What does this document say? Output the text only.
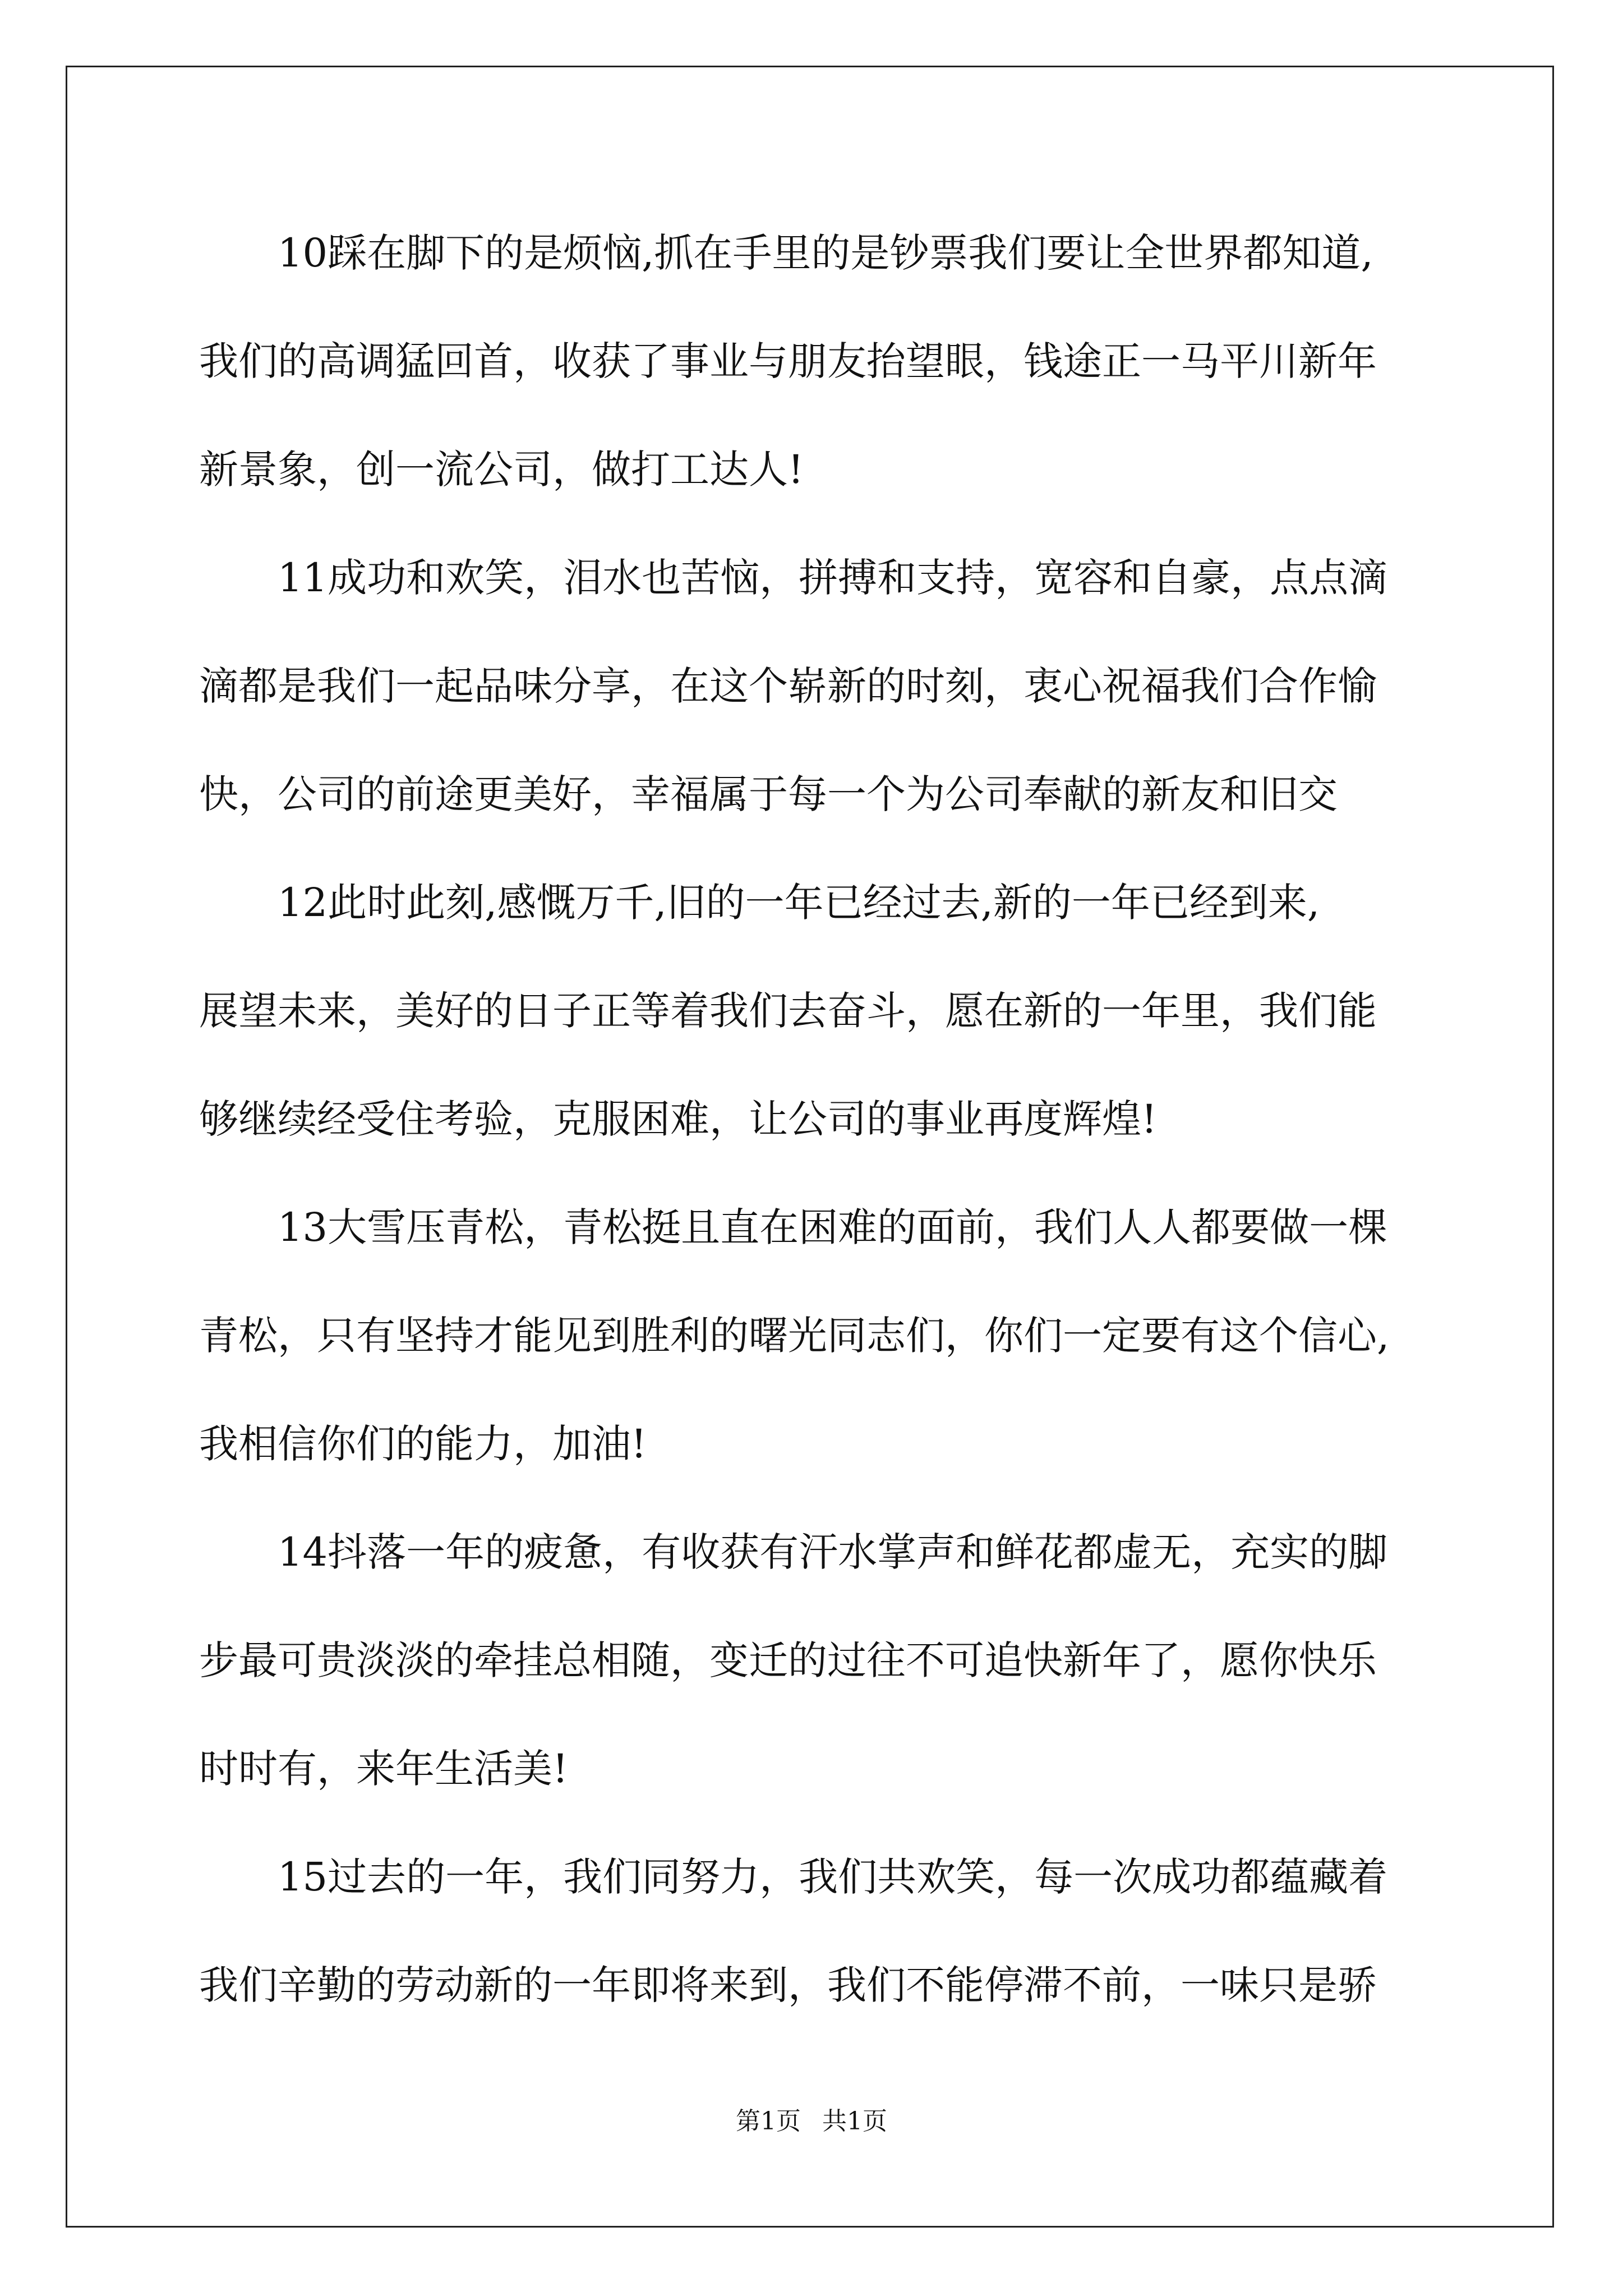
10踩在脚下的是烦恼,抓在手里的是钞票我们要让全世界都知道,
我们的高调猛回首，收获了事业与朋友抬望眼，钱途正一马平川新年
新景象，创一流公司，做打工达人!
11成功和欢笑，泪水也苦恼，拼搏和支持，宽容和自豪，点点滴
滴都是我们一起品味分享，在这个崭新的时刻，衷心祝福我们合作愉
快，公司的前途更美好，幸福属于每一个为公司奉献的新友和旧交
12此时此刻,感慨万千,旧的一年已经过去,新的一年已经到来,
展望未来，美好的日子正等着我们去奋斗，愿在新的一年里，我们能
够继续经受住考验，克服困难，让公司的事业再度辉煌!
13大雪压青松，青松挺且直在困难的面前，我们人人都要做一棵
青松，只有坚持才能见到胜利的曙光同志们，你们一定要有这个信心,
我相信你们的能力，加油!
14抖落一年的疲惫，有收获有汗水掌声和鲜花都虚无，充实的脚
步最可贵淡淡的牵挂总相随，变迁的过往不可追快新年了，愿你快乐
时时有，来年生活美!
15过去的一年，我们同努力，我们共欢笑，每一次成功都蕴藏着
我们辛勤的劳动新的一年即将来到，我们不能停滞不前，一味只是骄
第1页 共1页
